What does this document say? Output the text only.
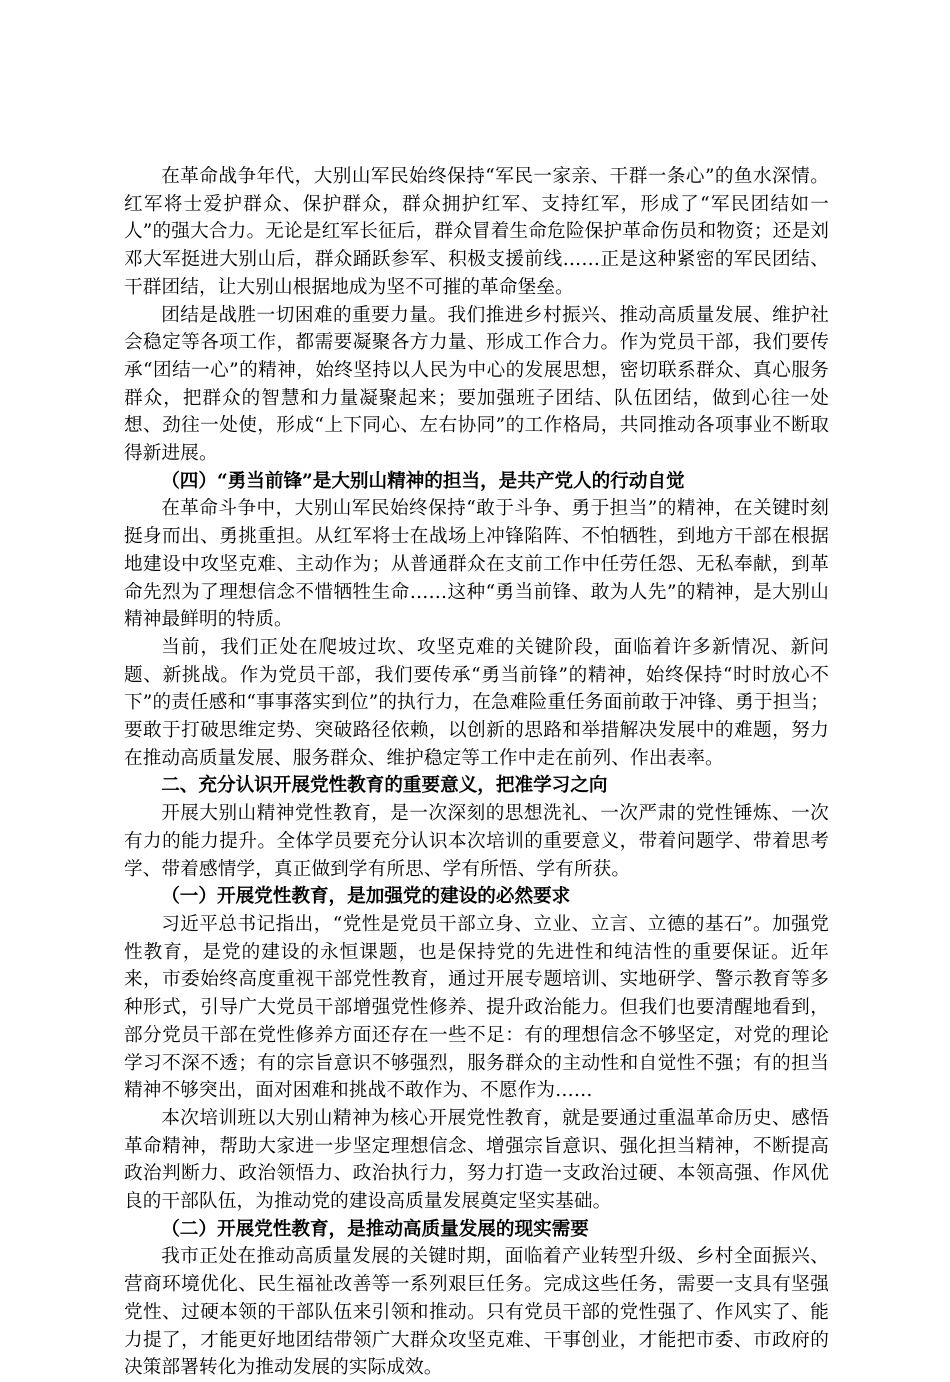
在革命战争年代，大别山军民始终保持“军民一家亲、干群一条心”的鱼水深情。红军将士爱护群众、保护群众，群众拥护红军、支持红军，形成了“军民团结如一人”的强大合力。无论是红军长征后，群众冒着生命危险保护革命伤员和物资；还是刘邓大军挺进大别山后，群众踊跃参军、积极支援前线……正是这种紧密的军民团结、干群团结，让大别山根据地成为坚不可摧的革命堡垒。

团结是战胜一切困难的重要力量。我们推进乡村振兴、推动高质量发展、维护社会稳定等各项工作，都需要凝聚各方力量、形成工作合力。作为党员干部，我们要传承“团结一心”的精神，始终坚持以人民为中心的发展思想，密切联系群众、真心服务群众，把群众的智慧和力量凝聚起来；要加强班子团结、队伍团结，做到心往一处想、劲往一处使，形成“上下同心、左右协同”的工作格局，共同推动各项事业不断取得新进展。

（四）“勇当前锋”是大别山精神的担当，是共产党人的行动自觉

在革命斗争中，大别山军民始终保持“敢于斗争、勇于担当”的精神，在关键时刻挺身而出、勇挑重担。从红军将士在战场上冲锋陷阵、不怕牺牲，到地方干部在根据地建设中攻坚克难、主动作为；从普通群众在支前工作中任劳任怨、无私奉献，到革命先烈为了理想信念不惜牺牲生命……这种“勇当前锋、敢为人先”的精神，是大别山精神最鲜明的特质。

当前，我们正处在爬坡过坎、攻坚克难的关键阶段，面临着许多新情况、新问题、新挑战。作为党员干部，我们要传承“勇当前锋”的精神，始终保持“时时放心不下”的责任感和“事事落实到位”的执行力，在急难险重任务面前敢于冲锋、勇于担当；要敢于打破思维定势、突破路径依赖，以创新的思路和举措解决发展中的难题，努力在推动高质量发展、服务群众、维护稳定等工作中走在前列、作出表率。

二、充分认识开展党性教育的重要意义，把准学习之向

开展大别山精神党性教育，是一次深刻的思想洗礼、一次严肃的党性锤炼、一次有力的能力提升。全体学员要充分认识本次培训的重要意义，带着问题学、带着思考学、带着感情学，真正做到学有所思、学有所悟、学有所获。

（一）开展党性教育，是加强党的建设的必然要求

习近平总书记指出，“党性是党员干部立身、立业、立言、立德的基石”。加强党性教育，是党的建设的永恒课题，也是保持党的先进性和纯洁性的重要保证。近年来，市委始终高度重视干部党性教育，通过开展专题培训、实地研学、警示教育等多种形式，引导广大党员干部增强党性修养、提升政治能力。但我们也要清醒地看到，部分党员干部在党性修养方面还存在一些不足：有的理想信念不够坚定，对党的理论学习不深不透；有的宗旨意识不够强烈，服务群众的主动性和自觉性不强；有的担当精神不够突出，面对困难和挑战不敢作为、不愿作为……

本次培训班以大别山精神为核心开展党性教育，就是要通过重温革命历史、感悟革命精神，帮助大家进一步坚定理想信念、增强宗旨意识、强化担当精神，不断提高政治判断力、政治领悟力、政治执行力，努力打造一支政治过硬、本领高强、作风优良的干部队伍，为推动党的建设高质量发展奠定坚实基础。

（二）开展党性教育，是推动高质量发展的现实需要

我市正处在推动高质量发展的关键时期，面临着产业转型升级、乡村全面振兴、营商环境优化、民生福祉改善等一系列艰巨任务。完成这些任务，需要一支具有坚强党性、过硬本领的干部队伍来引领和推动。只有党员干部的党性强了、作风实了、能力提了，才能更好地团结带领广大群众攻坚克难、干事创业，才能把市委、市政府的决策部署转化为推动发展的实际成效。
